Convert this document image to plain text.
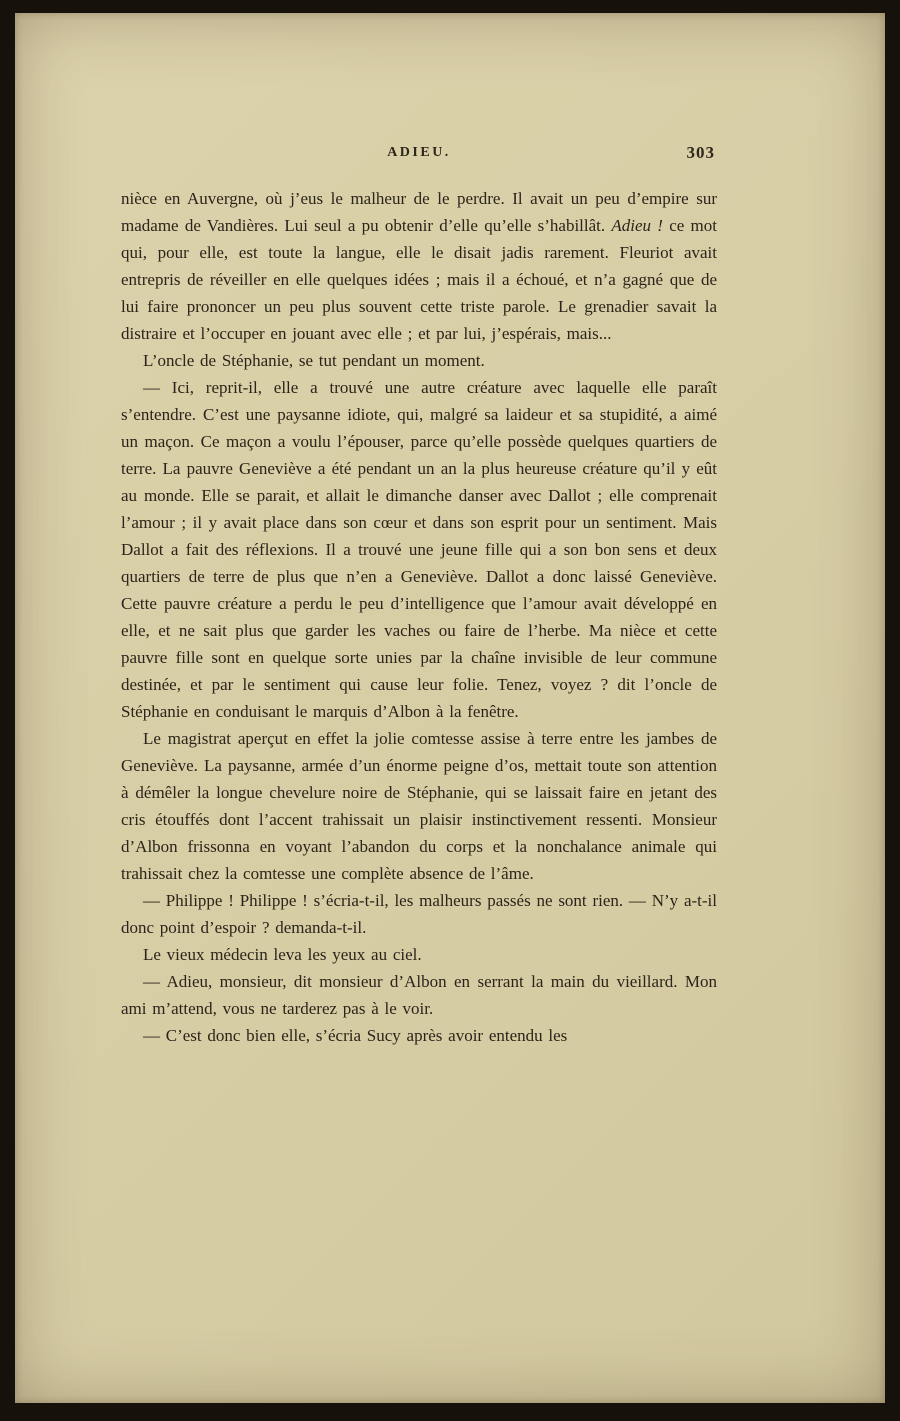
ADIEU.	303

nièce en Auvergne, où j’eus le malheur de le perdre. Il avait un peu d’empire sur madame de Vandières. Lui seul a pu obtenir d’elle qu’elle s’habillât. Adieu ! ce mot qui, pour elle, est toute la langue, elle le disait jadis rarement. Fleuriot avait entrepris de réveiller en elle quelques idées ; mais il a échoué, et n’a gagné que de lui faire prononcer un peu plus souvent cette triste parole. Le grenadier savait la distraire et l’occuper en jouant avec elle ; et par lui, j’espérais, mais...

L’oncle de Stéphanie, se tut pendant un moment.

— Ici, reprit-il, elle a trouvé une autre créature avec laquelle elle paraît s’entendre. C’est une paysanne idiote, qui, malgré sa laideur et sa stupidité, a aimé un maçon. Ce maçon a voulu l’épouser, parce qu’elle possède quelques quartiers de terre. La pauvre Geneviève a été pendant un an la plus heureuse créature qu’il y eût au monde. Elle se parait, et allait le dimanche danser avec Dallot ; elle comprenait l’amour ; il y avait place dans son cœur et dans son esprit pour un sentiment. Mais Dallot a fait des réflexions. Il a trouvé une jeune fille qui a son bon sens et deux quartiers de terre de plus que n’en a Geneviève. Dallot a donc laissé Geneviève. Cette pauvre créature a perdu le peu d’intelligence que l’amour avait développé en elle, et ne sait plus que garder les vaches ou faire de l’herbe. Ma nièce et cette pauvre fille sont en quelque sorte unies par la chaîne invisible de leur commune destinée, et par le sentiment qui cause leur folie. Tenez, voyez ? dit l’oncle de Stéphanie en conduisant le marquis d’Albon à la fenêtre.

Le magistrat aperçut en effet la jolie comtesse assise à terre entre les jambes de Geneviève. La paysanne, armée d’un énorme peigne d’os, mettait toute son attention à démêler la longue chevelure noire de Stéphanie, qui se laissait faire en jetant des cris étouffés dont l’accent trahissait un plaisir instinctivement ressenti. Monsieur d’Albon frissonna en voyant l’abandon du corps et la nonchalance animale qui trahissait chez la comtesse une complète absence de l’âme.

— Philippe ! Philippe ! s’écria-t-il, les malheurs passés ne sont rien. — N’y a-t-il donc point d’espoir ? demanda-t-il.

Le vieux médecin leva les yeux au ciel.

— Adieu, monsieur, dit monsieur d’Albon en serrant la main du vieillard. Mon ami m’attend, vous ne tarderez pas à le voir.

— C’est donc bien elle, s’écria Sucy après avoir entendu les
